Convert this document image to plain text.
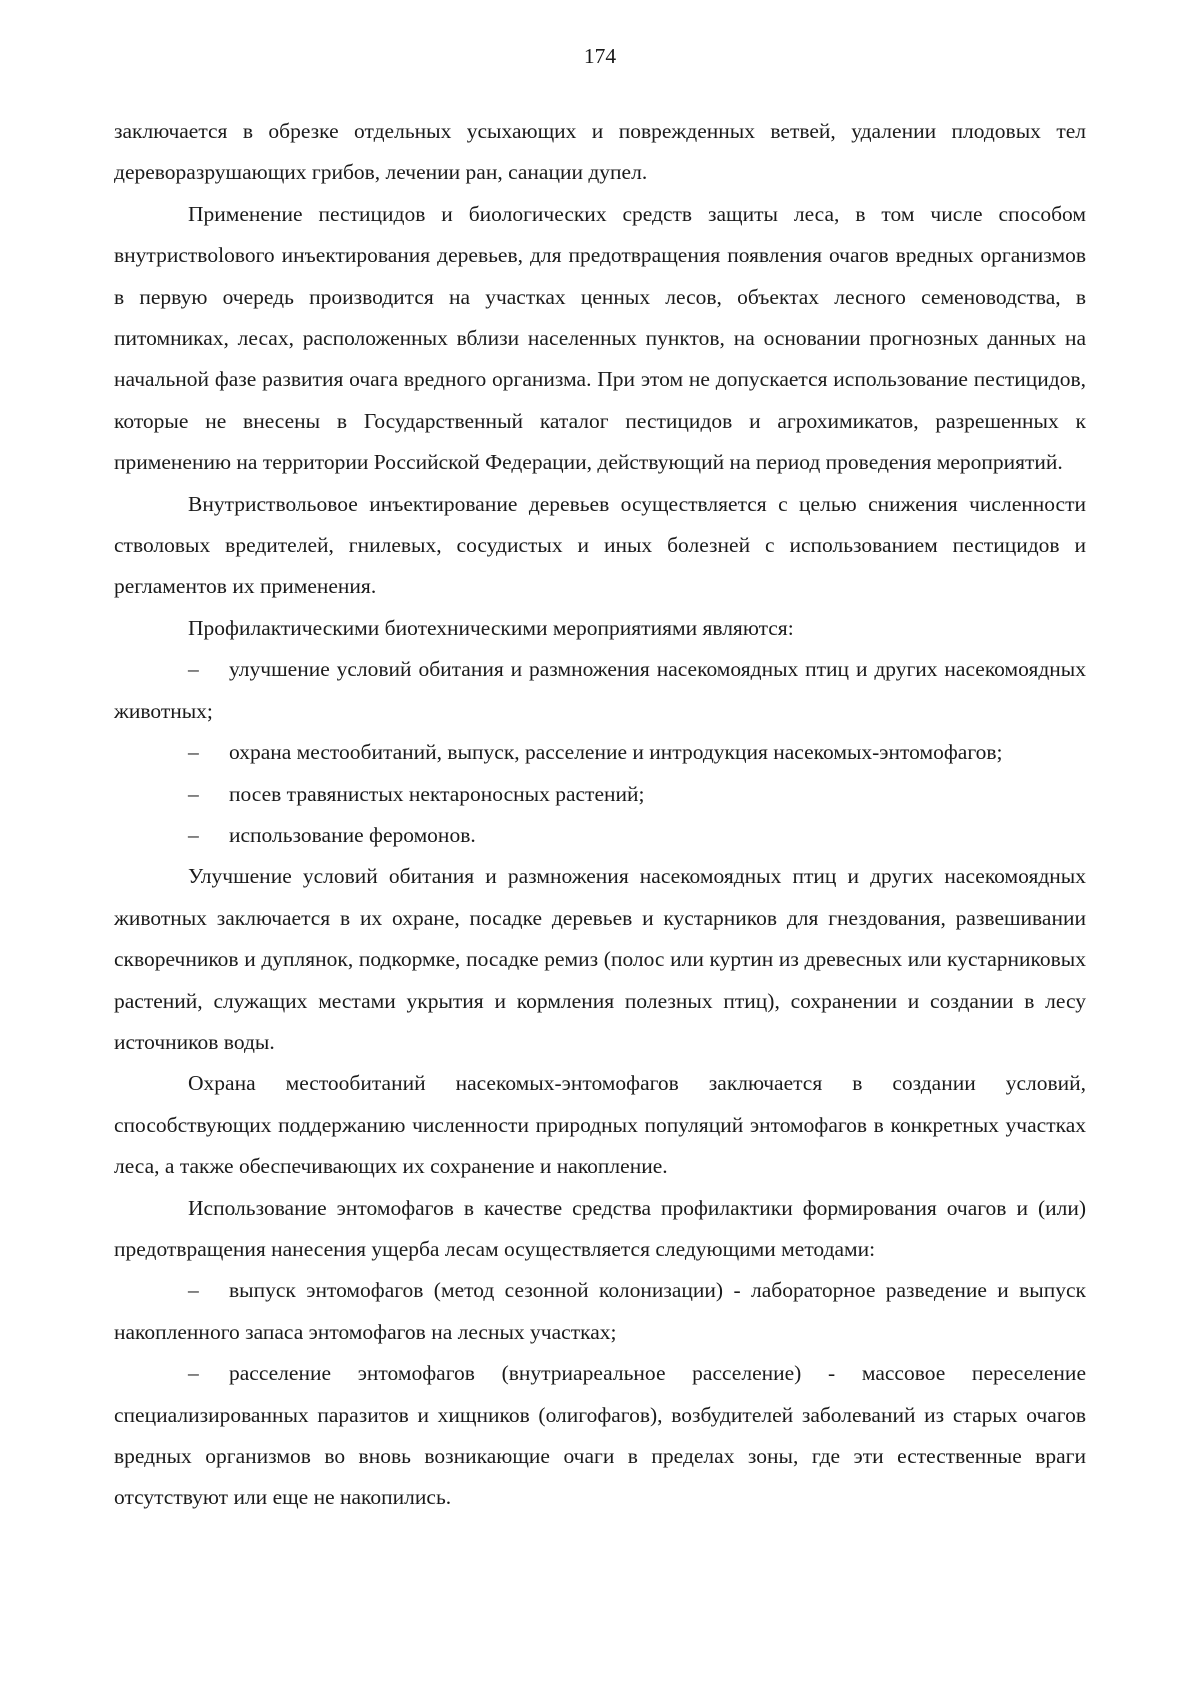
174

заключается в обрезке отдельных усыхающих и поврежденных ветвей, удалении плодовых тел дереворазрушающих грибов, лечении ран, санации дупел.

Применение пестицидов и биологических средств защиты леса, в том числе способом внутриствolового инъектирования деревьев, для предотвращения появления очагов вредных организмов в первую очередь производится на участках ценных лесов, объектах лесного семеноводства, в питомниках, лесах, расположенных вблизи населенных пунктов, на основании прогнозных данных на начальной фазе развития очага вредного организма. При этом не допускается использование пестицидов, которые не внесены в Государственный каталог пестицидов и агрохимикатов, разрешенных к применению на территории Российской Федерации, действующий на период проведения мероприятий.

Внутриствольовое инъектирование деревьев осуществляется с целью снижения численности стволовых вредителей, гнилевых, сосудистых и иных болезней с использованием пестицидов и регламентов их применения.

Профилактическими биотехническими мероприятиями являются:

– улучшение условий обитания и размножения насекомоядных птиц и других насекомоядных животных;

– охрана местообитаний, выпуск, расселение и интродукция насекомых-энтомофагов;

– посев травянистых нектароносных растений;

– использование феромонов.

Улучшение условий обитания и размножения насекомоядных птиц и других насекомоядных животных заключается в их охране, посадке деревьев и кустарников для гнездования, развешивании скворечников и дуплянок, подкормке, посадке ремиз (полос или куртин из древесных или кустарниковых растений, служащих местами укрытия и кормления полезных птиц), сохранении и создании в лесу источников воды.

Охрана местообитаний насекомых-энтомофагов заключается в создании условий, способствующих поддержанию численности природных популяций энтомофагов в конкретных участках леса, а также обеспечивающих их сохранение и накопление.

Использование энтомофагов в качестве средства профилактики формирования очагов и (или) предотвращения нанесения ущерба лесам осуществляется следующими методами:

– выпуск энтомофагов (метод сезонной колонизации) - лабораторное разведение и выпуск накопленного запаса энтомофагов на лесных участках;

– расселение энтомофагов (внутриареальное расселение) - массовое переселение специализированных паразитов и хищников (олигофагов), возбудителей заболеваний из старых очагов вредных организмов во вновь возникающие очаги в пределах зоны, где эти естественные враги отсутствуют или еще не накопились.
